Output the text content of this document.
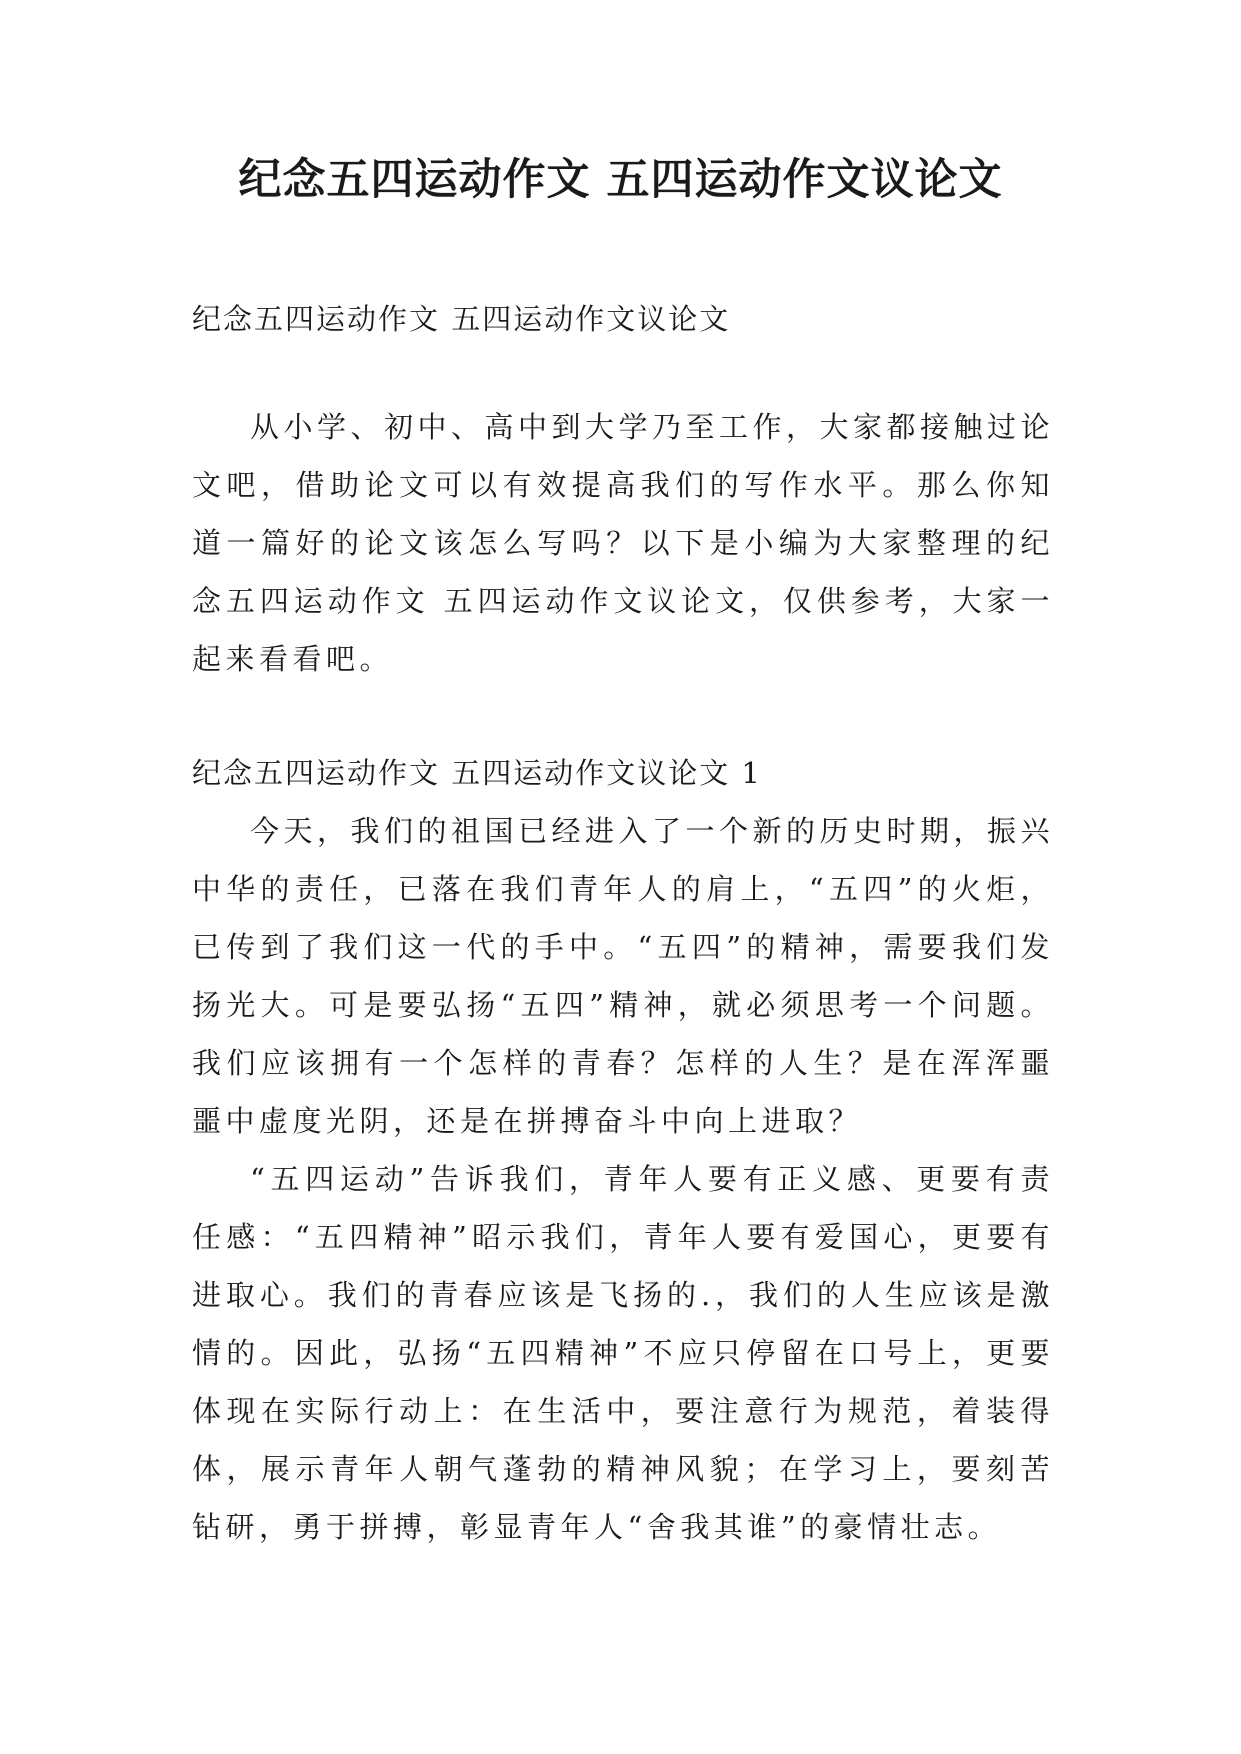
纪念五四运动作文 五四运动作文议论文

纪念五四运动作文 五四运动作文议论文

从小学、初中、高中到大学乃至工作，大家都接触过论文吧，借助论文可以有效提高我们的写作水平。那么你知道一篇好的论文该怎么写吗？以下是小编为大家整理的纪念五四运动作文 五四运动作文议论文，仅供参考，大家一起来看看吧。

纪念五四运动作文 五四运动作文议论文 1

今天，我们的祖国已经进入了一个新的历史时期，振兴中华的责任，已落在我们青年人的肩上，“五四”的火炬，已传到了我们这一代的手中。“五四”的精神，需要我们发扬光大。可是要弘扬“五四”精神，就必须思考一个问题。我们应该拥有一个怎样的青春？怎样的人生？是在浑浑噩噩中虚度光阴，还是在拼搏奋斗中向上进取？

“五四运动”告诉我们，青年人要有正义感、更要有责任感：“五四精神”昭示我们，青年人要有爱国心，更要有进取心。我们的青春应该是飞扬的.，我们的人生应该是激情的。因此，弘扬“五四精神”不应只停留在口号上，更要体现在实际行动上：在生活中，要注意行为规范，着装得体，展示青年人朝气蓬勃的精神风貌；在学习上，要刻苦钻研，勇于拼搏，彰显青年人“舍我其谁”的豪情壮志。
